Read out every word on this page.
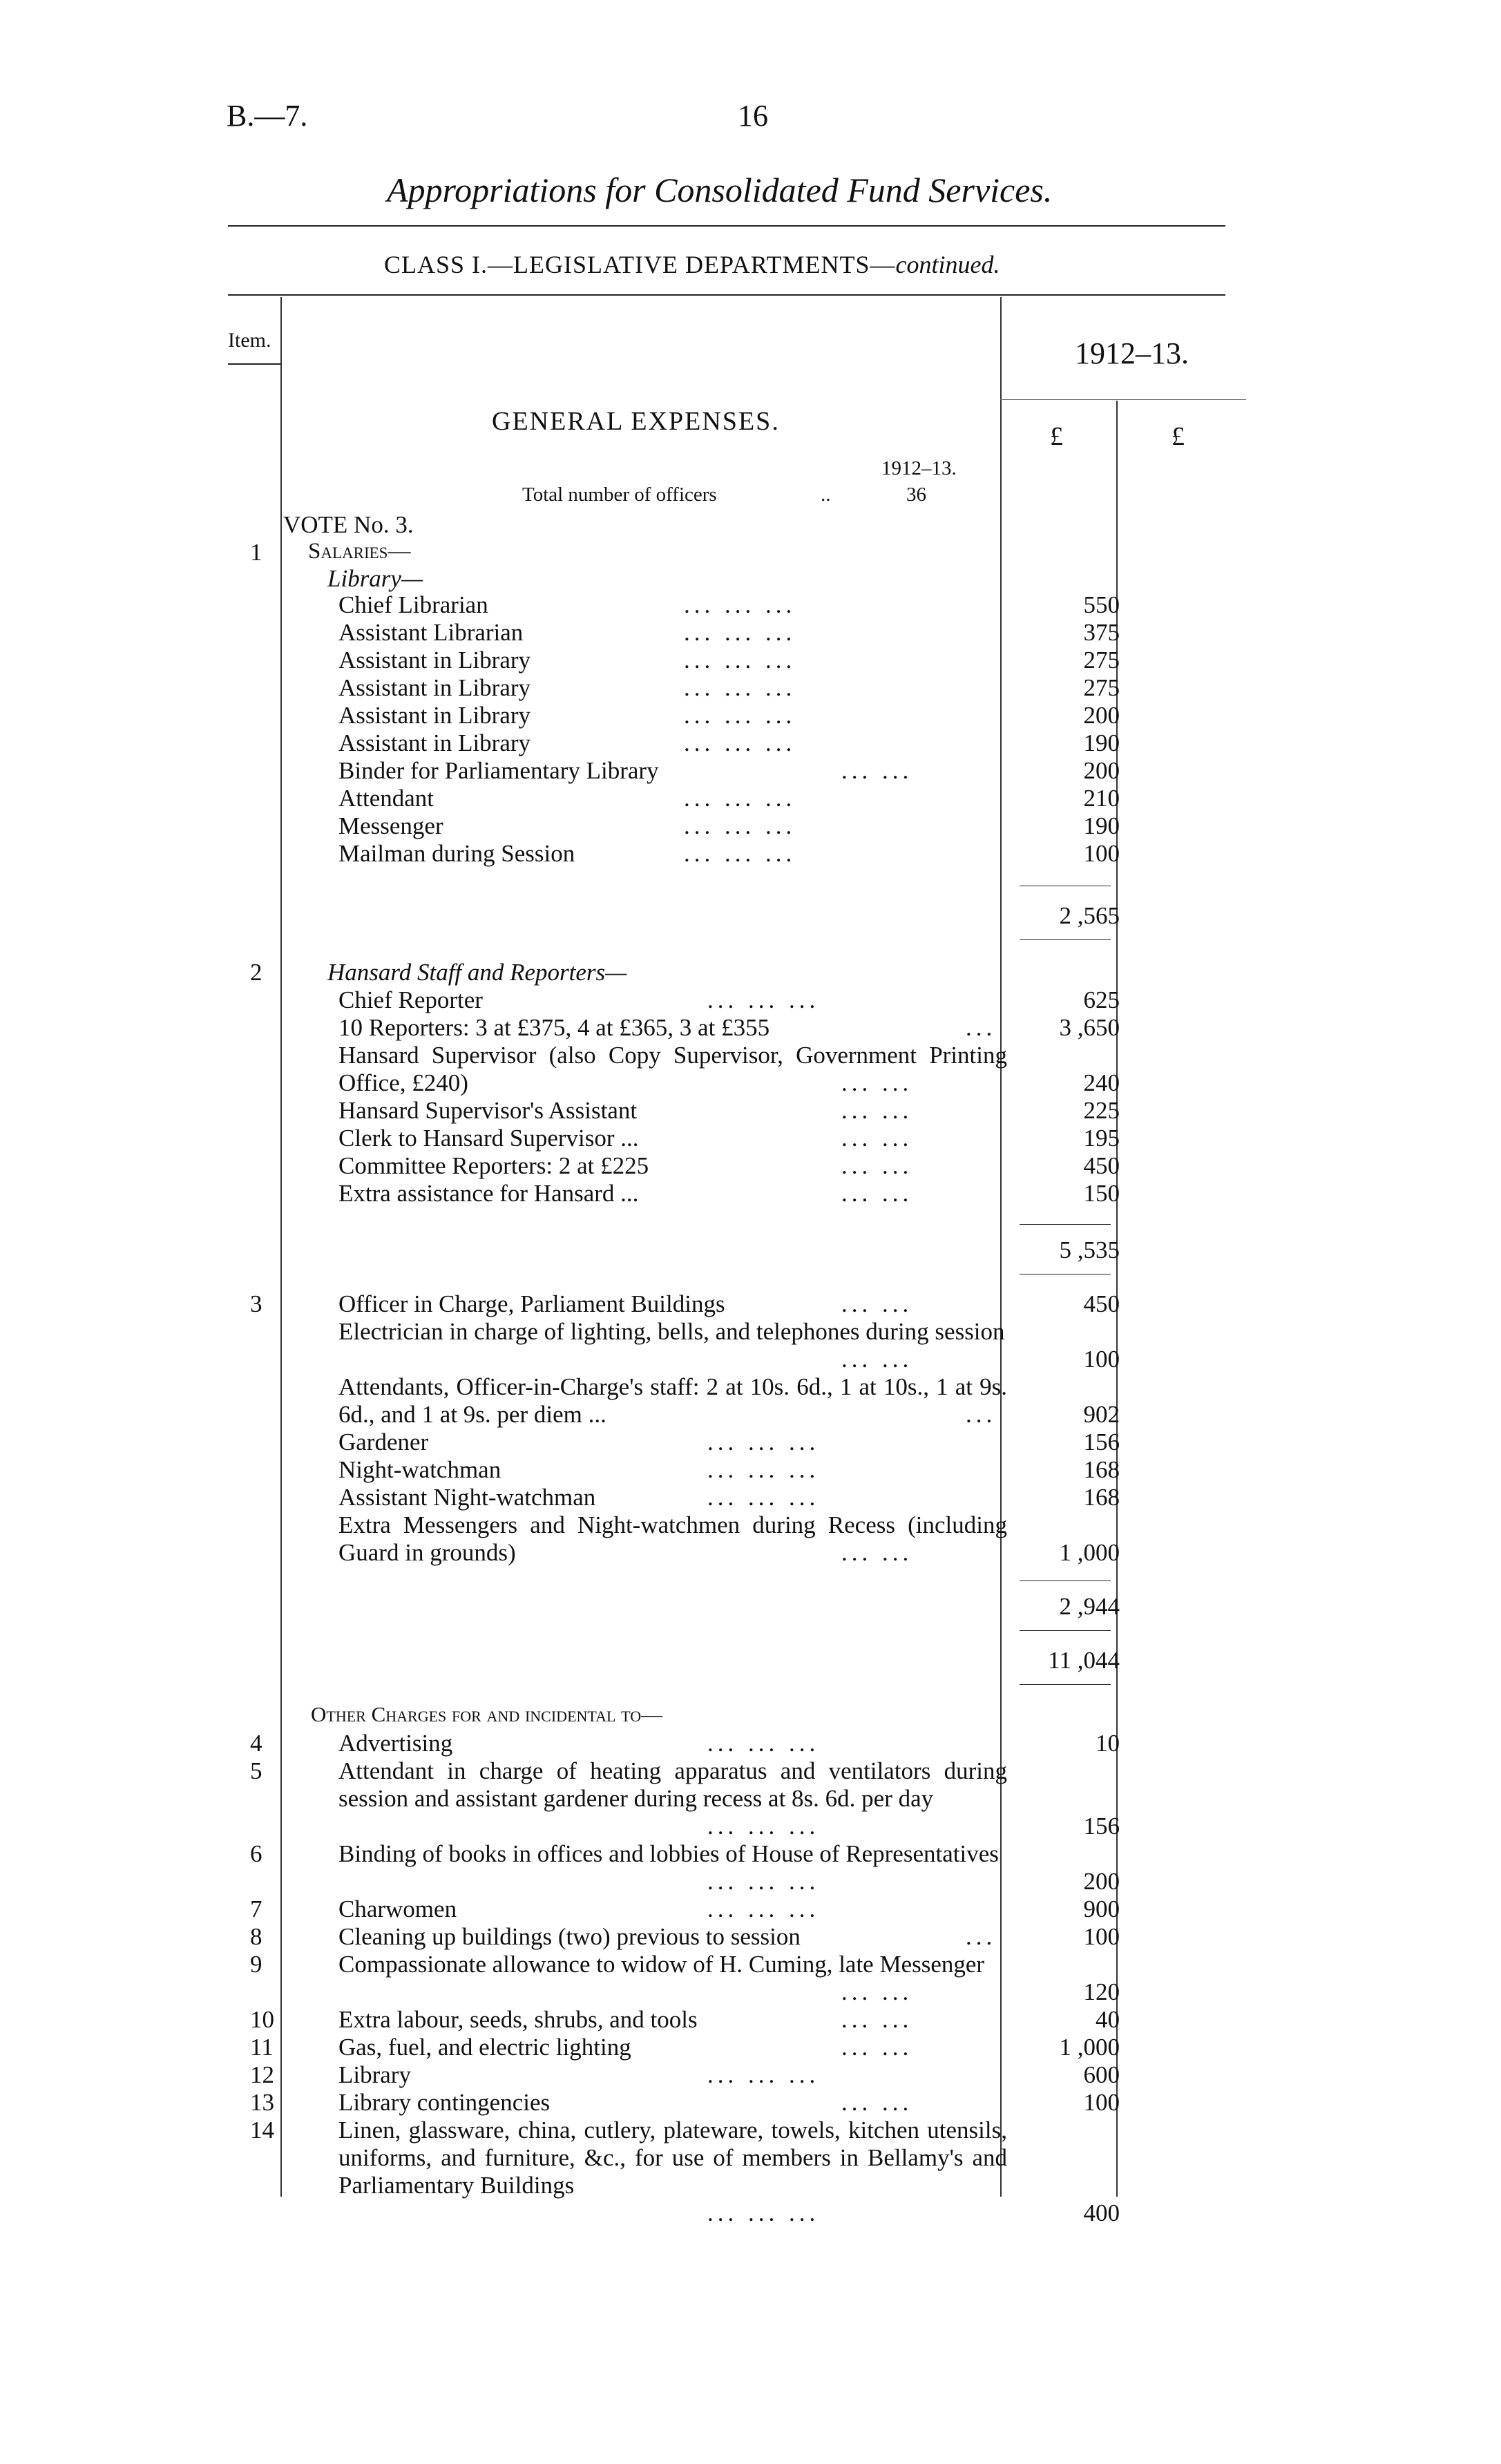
B.—7.	16
Appropriations for Consolidated Fund Services.
CLASS I.—LEGISLATIVE DEPARTMENTS—continued.
Item.	1912–13.
£	£
GENERAL EXPENSES.
1912–13.
Total number of officers	..	36
VOTE No. 3.
1 Salaries—
Library—
Chief Librarian	... ... ...	550
Assistant Librarian	... ... ...	375
Assistant in Library	... ... ...	275
Assistant in Library	... ... ...	275
Assistant in Library	... ... ...	200
Assistant in Library	... ... ...	190
Binder for Parliamentary Library	... ...	200
Attendant	... ... ...	210
Messenger	... ... ...	190
Mailman during Session	... ... ...	100
2 ,565
2	Hansard Staff and Reporters—
Chief Reporter	... ... ...	625
10 Reporters: 3 at £375, 4 at £365, 3 at £355	...	3 ,650
Hansard Supervisor (also Copy Supervisor, Government Printing Office, £240)	... ...	240
Hansard Supervisor's Assistant	... ...	225
Clerk to Hansard Supervisor ...	... ...	195
Committee Reporters: 2 at £225	... ...	450
Extra assistance for Hansard ...	... ...	150
5 ,535
3	Officer in Charge, Parliament Buildings	... ...	450
Electrician in charge of lighting, bells, and telephones during session
... ...	100
Attendants, Officer-in-Charge's staff: 2 at 10s. 6d., 1 at 10s., 1 at 9s. 6d., and 1 at 9s. per diem ...	...	902
Gardener	... ... ...	156
Night-watchman	... ... ...	168
Assistant Night-watchman	... ... ...	168
Extra Messengers and Night-watchmen during Recess (including Guard in grounds)	... ...	1 ,000
2 ,944
11 ,044
Other Charges for and incidental to—
4	Advertising	... ... ...	10
5	Attendant in charge of heating apparatus and ventilators during session and assistant gardener during recess at 8s. 6d. per day
... ... ...	156
6	Binding of books in offices and lobbies of House of Representatives
... ... ...	200
7	Charwomen	... ... ...	900
8	Cleaning up buildings (two) previous to session	...	100
9	Compassionate allowance to widow of H. Cuming, late Messenger
... ...	120
10	Extra labour, seeds, shrubs, and tools	... ...	40
11	Gas, fuel, and electric lighting	... ...	1 ,000
12	Library	... ... ...	600
13	Library contingencies	... ...	100
14	Linen, glassware, china, cutlery, plateware, towels, kitchen utensils, uniforms, and furniture, &c., for use of members in Bellamy's and Parliamentary Buildings
... ... ...	400
